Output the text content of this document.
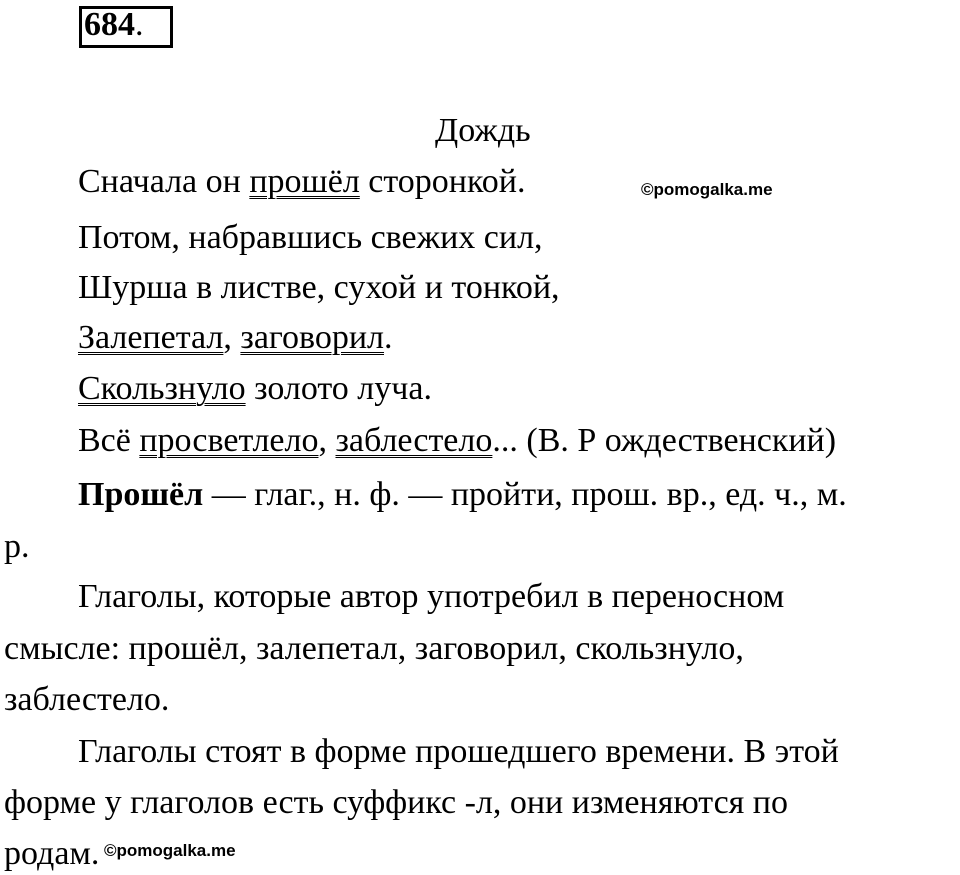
684.
Дождь
Сначала он прошёл сторонкой.	©pomogalka.me
Потом, набравшись свежих сил,
Шурша в листве, сухой и тонкой,
Залепетал, заговорил.
Скользнуло золото луча.
Всё просветлело, заблестело... (В. Р ождественский)
Прошёл — глаг., н. ф. — пройти, прош. вр., ед. ч., м.
р.
Глаголы, которые автор употребил в переносном
смысле: прошёл, залепетал, заговорил, скользнуло,
заблестело.
Глаголы стоят в форме прошедшего времени. В этой
форме у глаголов есть суффикс -л, они изменяются по
родам. ©pomogalka.me
